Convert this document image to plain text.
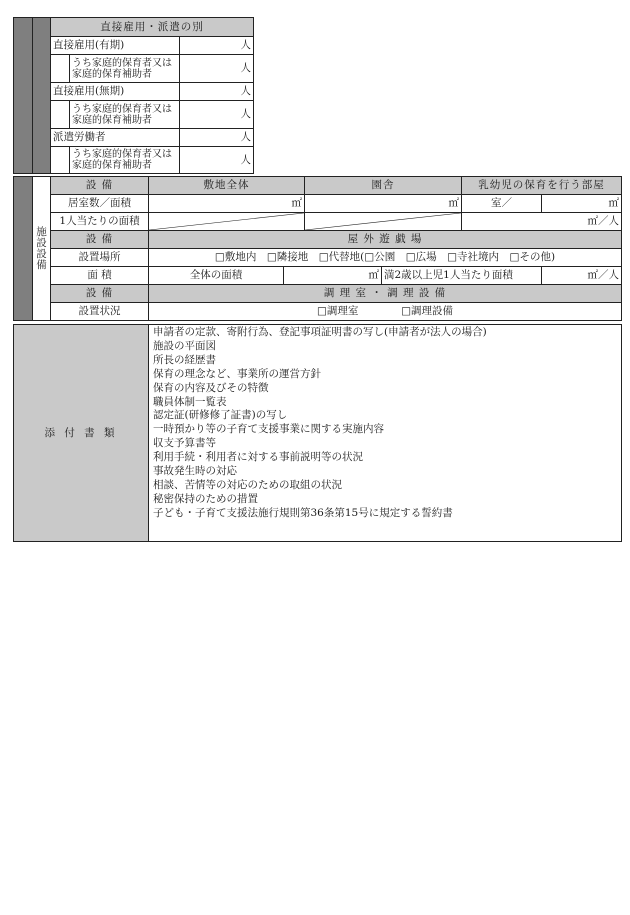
		直接雇用・派遣の別		
		直接雇用(有期)		人
			うち家庭的保育者又は家庭的保育補助者	人
		直接雇用(無期)		人
			うち家庭的保育者又は家庭的保育補助者	人
		派遣労働者		人
			うち家庭的保育者又は家庭的保育補助者	人

	施設設備	設 備	敷地全体		園舎		乳幼児の保育を行う部屋	
		居室数／面積	㎡		㎡		室／	㎡
		1人当たりの面積					㎡／人	
		設 備	屋 外 遊 戯 場					
		設置場所	□敷地内　□隣接地　□代替地(□公園　□広場　□寺社境内　□その他)					
		面 積	全体の面積	㎡		満2歳以上児1人当たり面積		㎡／人
		設 備	調 理 室 ・ 調 理 設 備					
		設置状況	□調理室 □調理設備					
添 付 書 類	
申請者の定款、寄附行為、登記事項証明書の写し(申請者が法人の場合)
施設の平面図
所長の経歴書
保育の理念など、事業所の運営方針
保育の内容及びその特徴
職員体制一覧表
認定証(研修修了証書)の写し
一時預かり等の子育て支援事業に関する実施内容
収支予算書等
利用手続・利用者に対する事前説明等の状況
事故発生時の対応
相談、苦情等の対応のための取組の状況
秘密保持のための措置
子ども・子育て支援法施行規則第36条第15号に規定する誓約書
